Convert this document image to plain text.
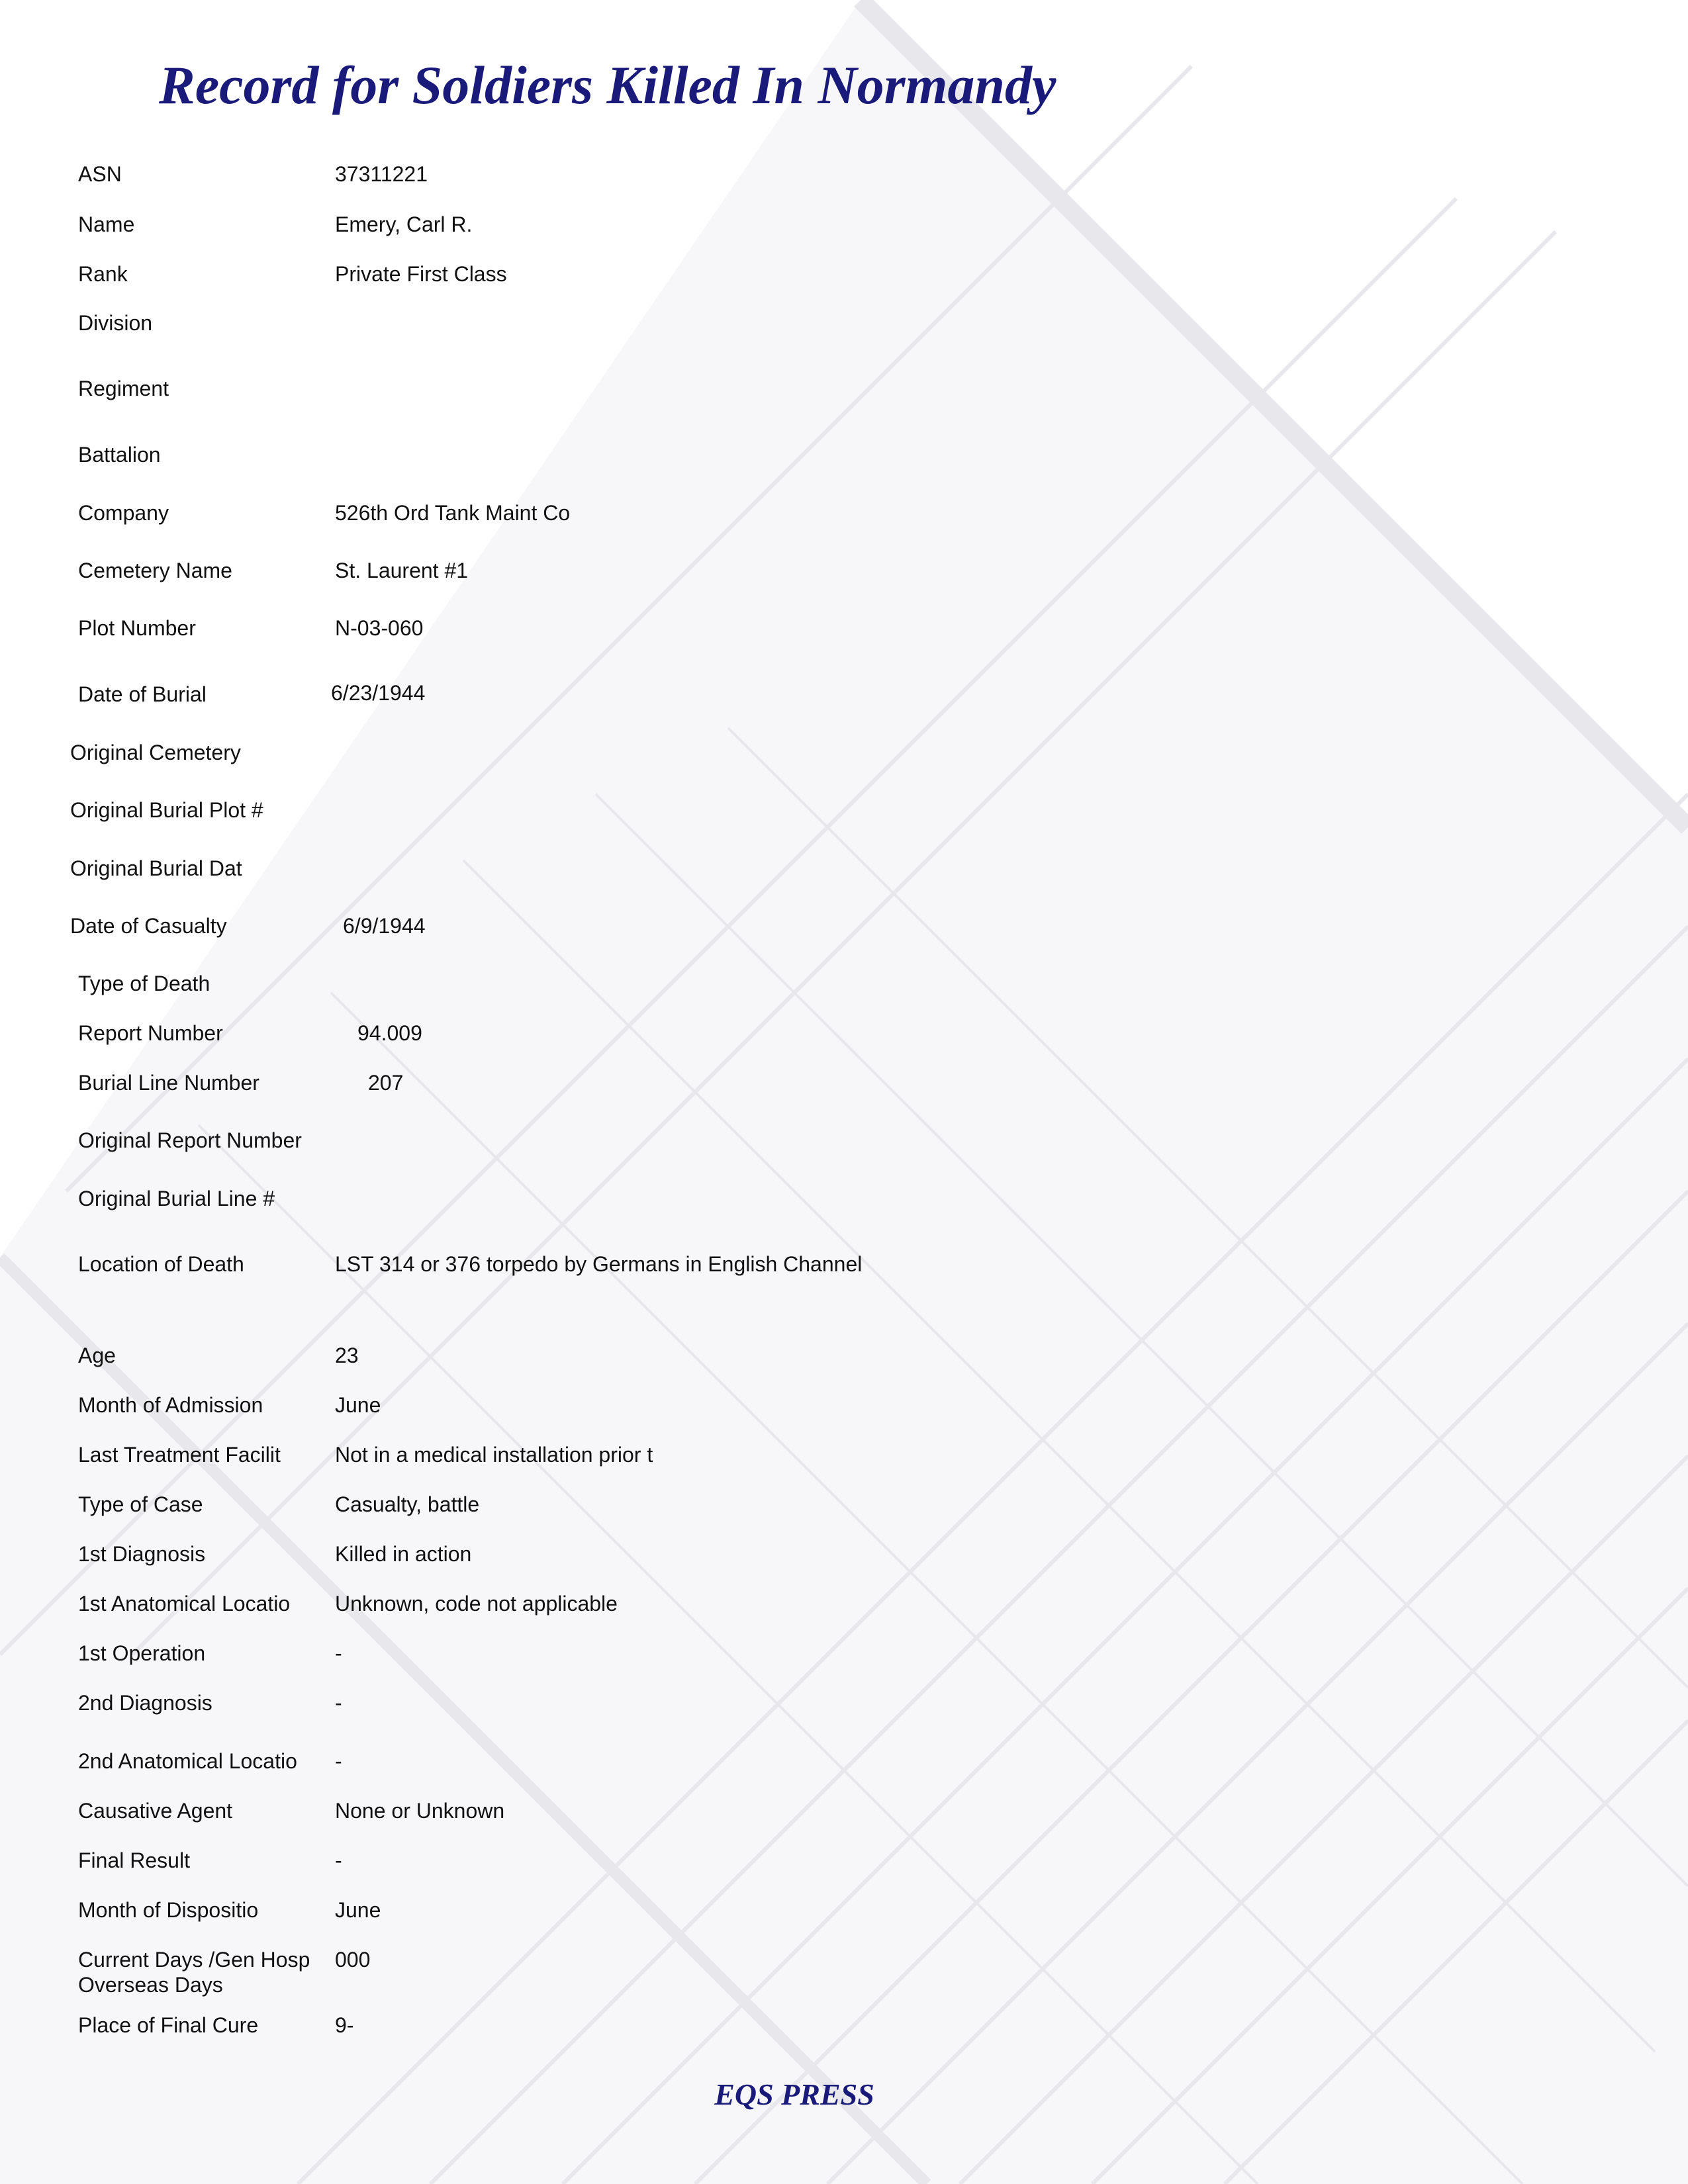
Record for Soldiers Killed In Normandy
ASN	37311221
Name	Emery, Carl R.
Rank	Private First Class
Division
Regiment
Battalion
Company	526th Ord Tank Maint Co
Cemetery Name	St. Laurent #1
Plot Number	N-03-060
Date of Burial	6/23/1944
Original Cemetery
Original Burial Plot #
Original Burial Dat
Date of Casualty	6/9/1944
Type of Death
Report Number	94.009
Burial Line Number	207
Original Report Number
Original Burial Line #
Location of Death	LST 314 or 376 torpedo by Germans in English Channel
Age	23
Month of Admission	June
Last Treatment Facilit	Not in a medical installation prior t
Type of Case	Casualty, battle
1st Diagnosis	Killed in action
1st Anatomical Locatio Unknown, code not applicable
1st Operation	-
2nd Diagnosis	-
2nd Anatomical Locatio -
Causative Agent	None or Unknown
Final Result	-
Month of Dispositio	June
Current Days /Gen Hosp 000
Overseas Days
Place of Final Cure	9-
EQS PRESS
